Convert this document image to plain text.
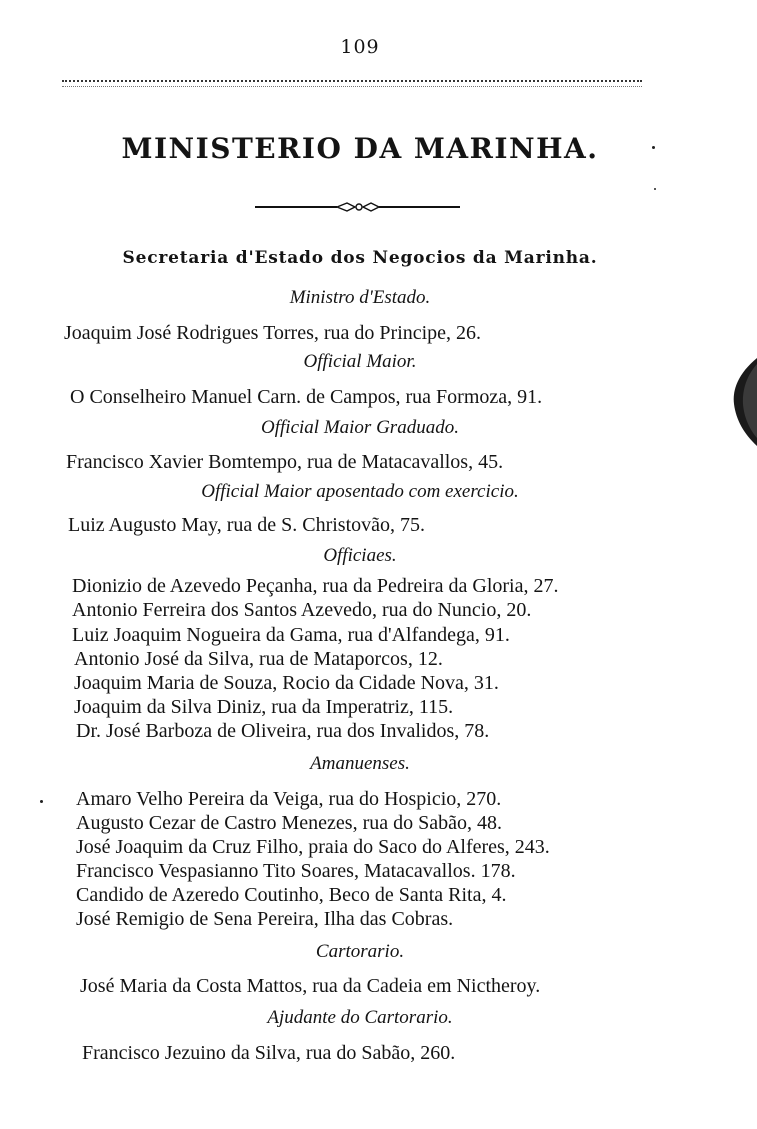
109
MINISTERIO DA MARINHA.
Secretaria d'Estado dos Negocios da Marinha.
Ministro d'Estado.
Joaquim José Rodrigues Torres, rua do Principe, 26.
Official Maior.
O Conselheiro Manuel Carn. de Campos, rua Formoza, 91.
Official Maior Graduado.
Francisco Xavier Bomtempo, rua de Matacavallos, 45.
Official Maior aposentado com exercicio.
Luiz Augusto May, rua de S. Christovão, 75.
Officiaes.
Dionizio de Azevedo Peçanha, rua da Pedreira da Gloria, 27.
Antonio Ferreira dos Santos Azevedo, rua do Nuncio, 20.
Luiz Joaquim Nogueira da Gama, rua d'Alfandega, 91.
Antonio José da Silva, rua de Mataporcos, 12.
Joaquim Maria de Souza, Rocio da Cidade Nova, 31.
Joaquim da Silva Diniz, rua da Imperatriz, 115.
Dr. José Barboza de Oliveira, rua dos Invalidos, 78.
Amanuenses.
Amaro Velho Pereira da Veiga, rua do Hospicio, 270.
Augusto Cezar de Castro Menezes, rua do Sabão, 48.
José Joaquim da Cruz Filho, praia do Saco do Alferes, 243.
Francisco Vespasianno Tito Soares, Matacavallos. 178.
Candido de Azeredo Coutinho, Beco de Santa Rita, 4.
José Remigio de Sena Pereira, Ilha das Cobras.
Cartorario.
José Maria da Costa Mattos, rua da Cadeia em Nictheroy.
Ajudante do Cartorario.
Francisco Jezuino da Silva, rua do Sabão, 260.
